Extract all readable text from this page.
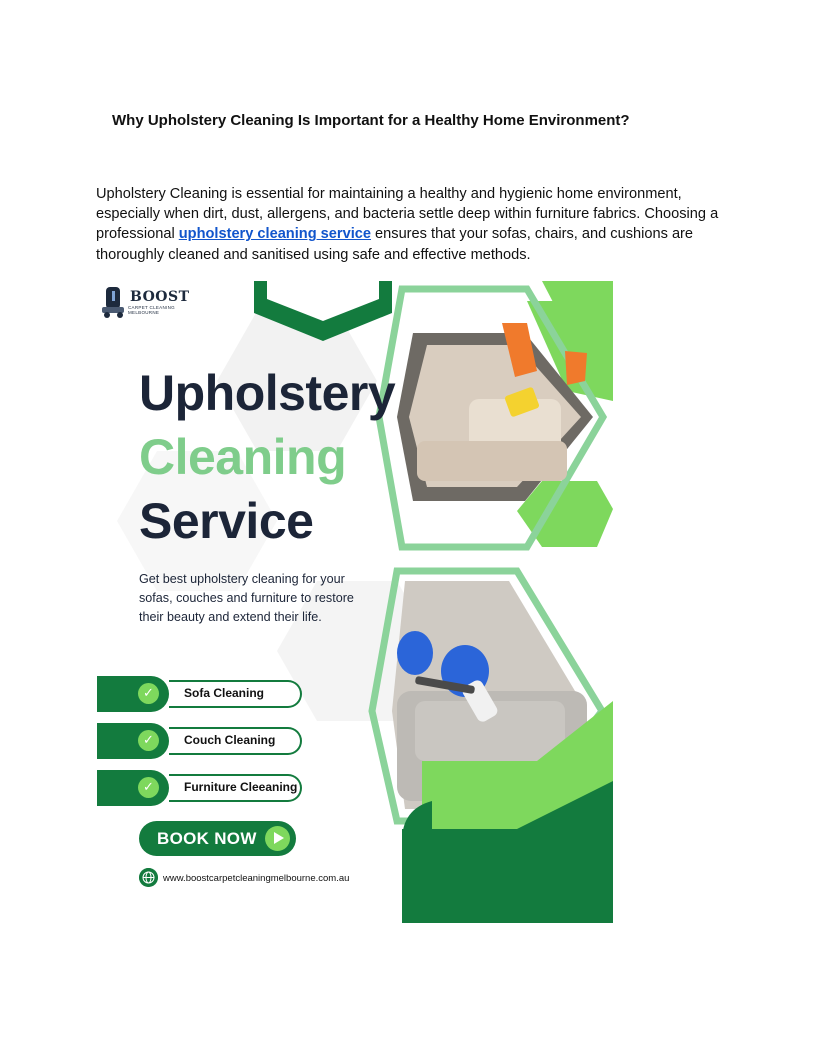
Why Upholstery Cleaning Is Important for a Healthy Home Environment?

Upholstery Cleaning is essential for maintaining a healthy and hygienic home environment, especially when dirt, dust, allergens, and bacteria settle deep within furniture fabrics. Choosing a professional upholstery cleaning service ensures that your sofas, chairs, and cushions are thoroughly cleaned and sanitised using safe and effective methods.

BOOST
CARPET CLEANING MELBOURNE
Upholstery
Cleaning
Service

Get best upholstery cleaning for your sofas, couches and furniture to restore their beauty and extend their life.

✓	Sofa Cleaning
✓	Couch Cleaning
✓	Furniture Cleeaning
BOOK NOW
www.boostcarpetcleaningmelbourne.com.au
